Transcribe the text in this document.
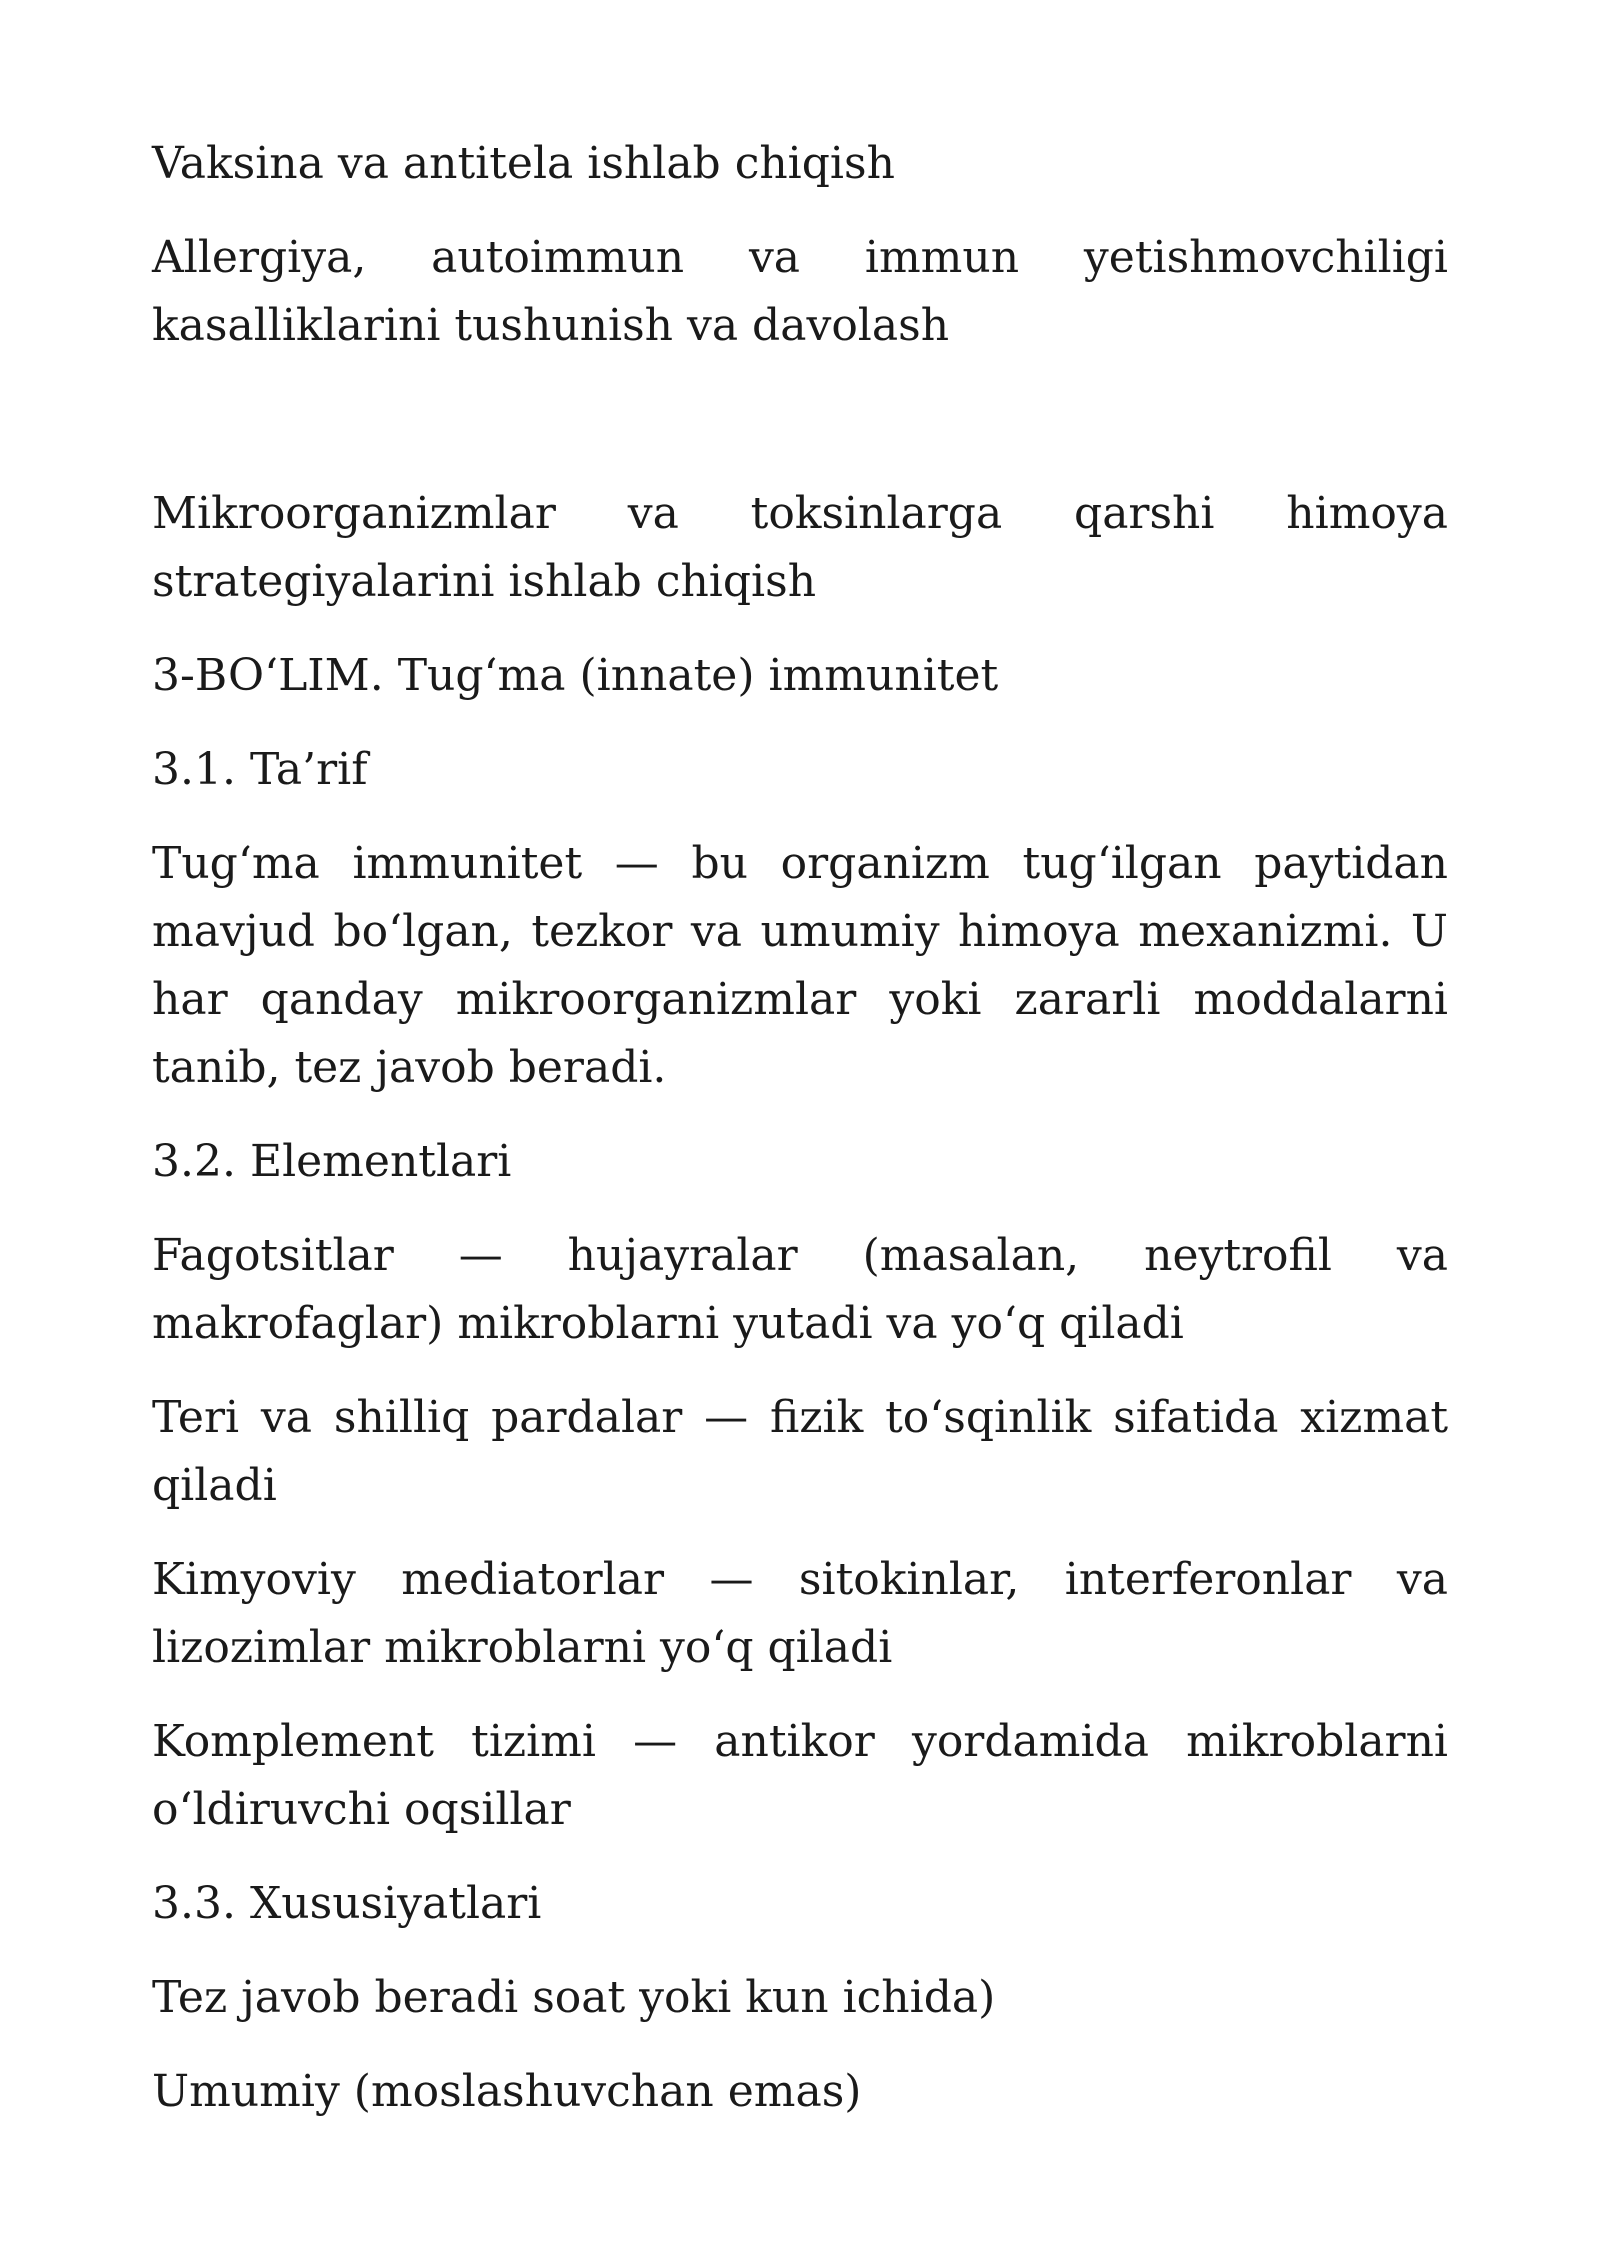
Vaksina va antitela ishlab chiqish

Allergiya, autoimmun va immun yetishmovchiligi kasalliklarini tushunish va davolash

Mikroorganizmlar va toksinlarga qarshi himoya strategiyalarini ishlab chiqish

3-BO‘LIM. Tug‘ma (innate) immunitet

3.1. Ta’rif

Tug‘ma immunitet — bu organizm tug‘ilgan paytidan mavjud bo‘lgan, tezkor va umumiy himoya mexanizmi. U har qanday mikroorganizmlar yoki zararli moddalarni tanib, tez javob beradi.

3.2. Elementlari

Fagotsitlar — hujayralar (masalan, neytrofil va makrofaglar) mikroblarni yutadi va yo‘q qiladi

Teri va shilliq pardalar — fizik to‘sqinlik sifatida xizmat qiladi

Kimyoviy mediatorlar — sitokinlar, interferonlar va lizozimlar mikroblarni yo‘q qiladi

Komplement tizimi — antikor yordamida mikroblarni o‘ldiruvchi oqsillar

3.3. Xususiyatlari

Tez javob beradi soat yoki kun ichida)

Umumiy (moslashuvchan emas)
